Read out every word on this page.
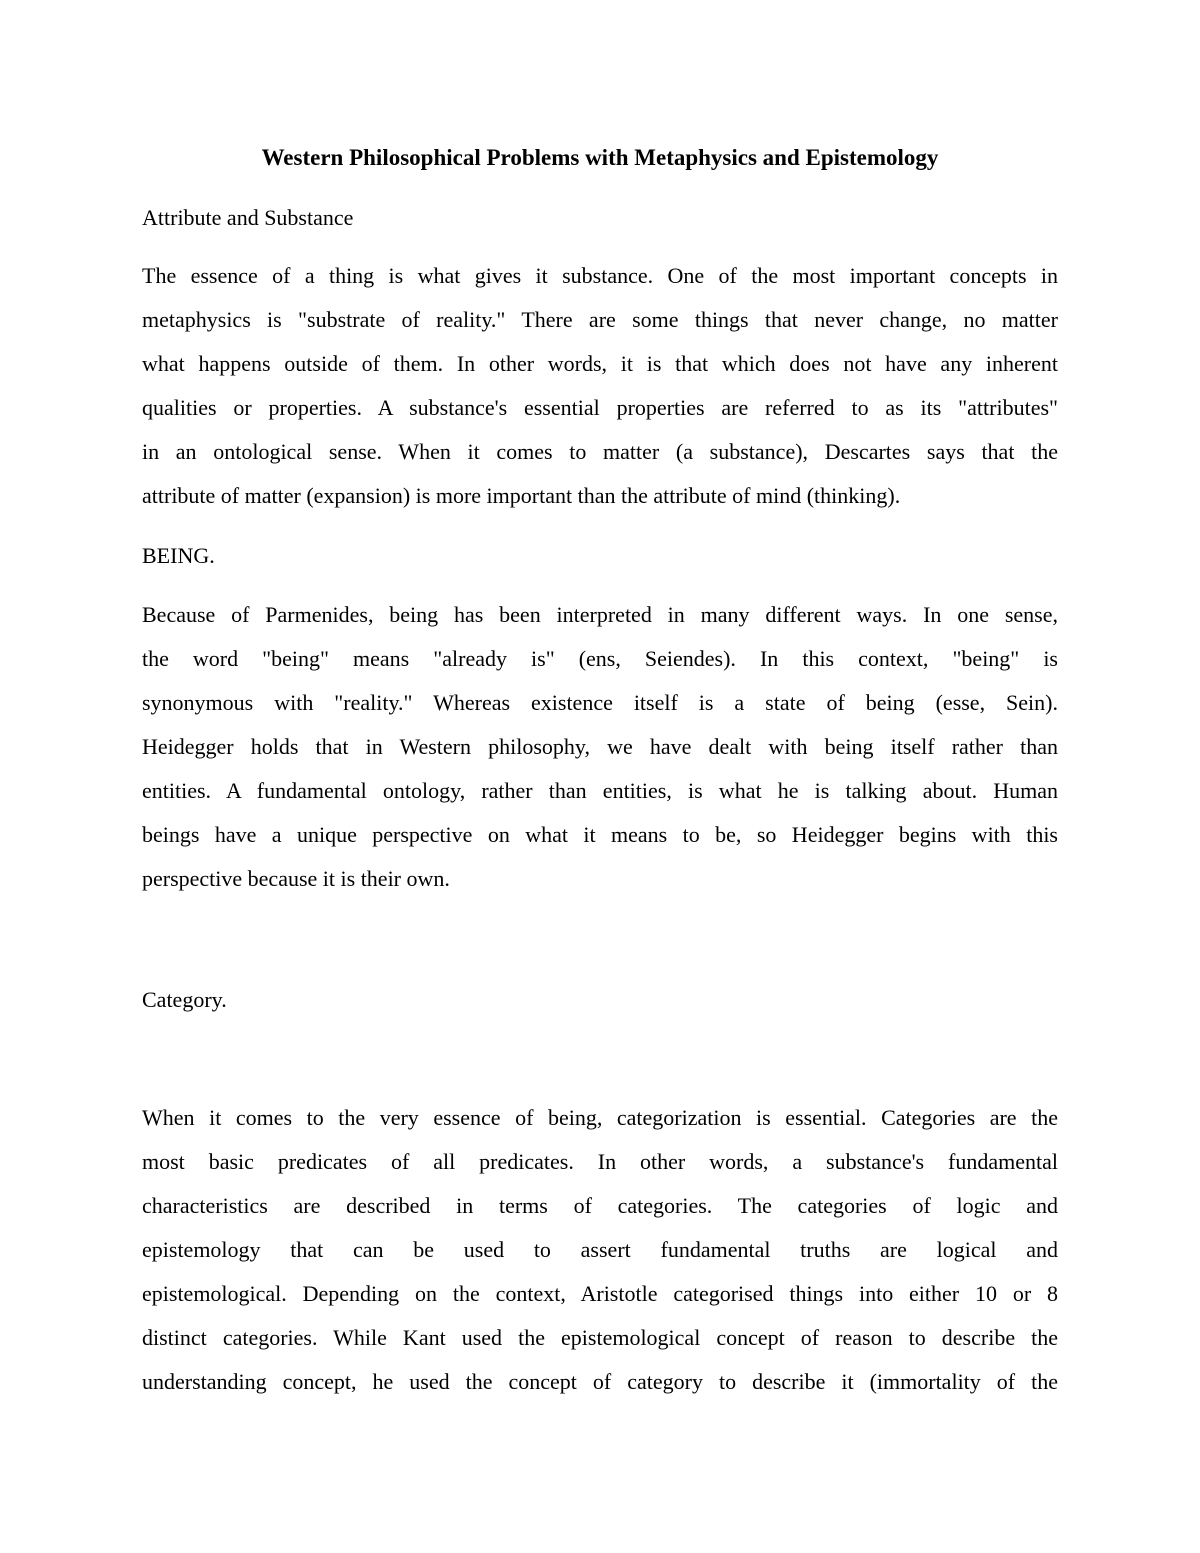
Western Philosophical Problems with Metaphysics and Epistemology
Attribute and Substance
The essence of a thing is what gives it substance. One of the most important concepts in
metaphysics is "substrate of reality." There are some things that never change, no matter
what happens outside of them. In other words, it is that which does not have any inherent
qualities or properties. A substance's essential properties are referred to as its "attributes"
in an ontological sense. When it comes to matter (a substance), Descartes says that the
attribute of matter (expansion) is more important than the attribute of mind (thinking).
BEING.
Because of Parmenides, being has been interpreted in many different ways. In one sense,
the word "being" means "already is" (ens, Seiendes). In this context, "being" is
synonymous with "reality." Whereas existence itself is a state of being (esse, Sein).
Heidegger holds that in Western philosophy, we have dealt with being itself rather than
entities. A fundamental ontology, rather than entities, is what he is talking about. Human
beings have a unique perspective on what it means to be, so Heidegger begins with this
perspective because it is their own.
Category.
When it comes to the very essence of being, categorization is essential. Categories are the
most basic predicates of all predicates. In other words, a substance's fundamental
characteristics are described in terms of categories. The categories of logic and
epistemology that can be used to assert fundamental truths are logical and
epistemological. Depending on the context, Aristotle categorised things into either 10 or 8
distinct categories. While Kant used the epistemological concept of reason to describe the
understanding concept, he used the concept of category to describe it (immortality of the
